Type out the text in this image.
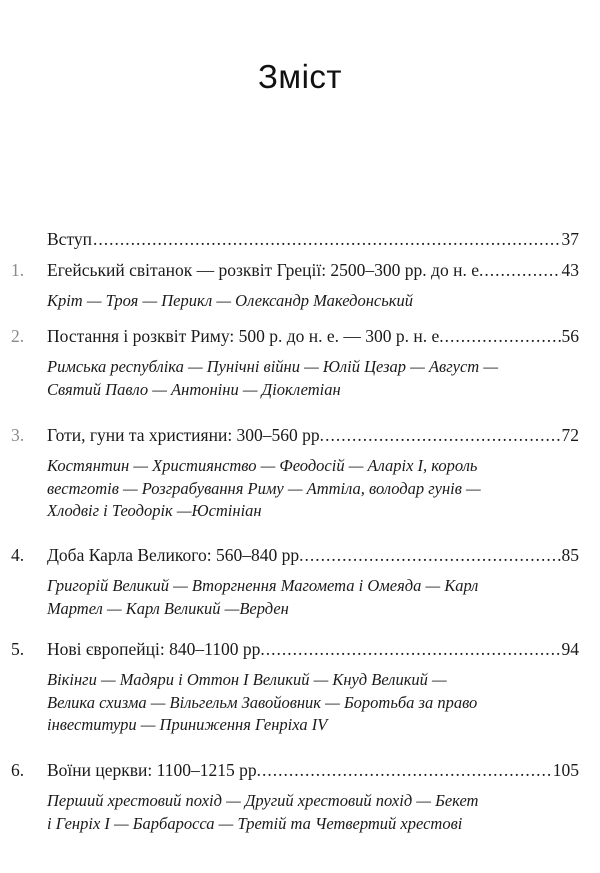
Зміст
Вступ .....	37
1. Егейський світанок — розквіт Греції: 2500–300 рр. до н. е. .....	43
Кріт — Троя — Перикл — Олександр Македонський
2. Постання і розквіт Риму: 500 р. до н. е. — 300 р. н. е. .....	56
Римська республіка — Пунічні війни — Юлій Цезар — Август —
Святий Павло — Антоніни — Діоклетіан
3. Готи, гуни та християни: 300–560 рр. .....	72
Костянтин — Християнство — Феодосій — Аларіх І, король
вестготів — Розграбування Риму — Аттіла, володар гунів —
Хлодвіг і Теодорік —Юстініан
4. Доба Карла Великого: 560–840 рр. .....	85
Григорій Великий — Вторгнення Магомета і Омеяда — Карл
Мартел — Карл Великий —Верден
5. Нові європейці: 840–1100 рр. .....	94
Вікінги — Мадяри і Оттон І Великий — Кнуд Великий —
Велика схизма — Вільгельм Завойовник — Боротьба за право
інвеститури — Приниження Генріха IV
6. Воїни церкви: 1100–1215 рр. .....	105
Перший хрестовий похід — Другий хрестовий похід — Бекет
і Генріх І — Барбаросса — Третій та Четвертий хрестові
